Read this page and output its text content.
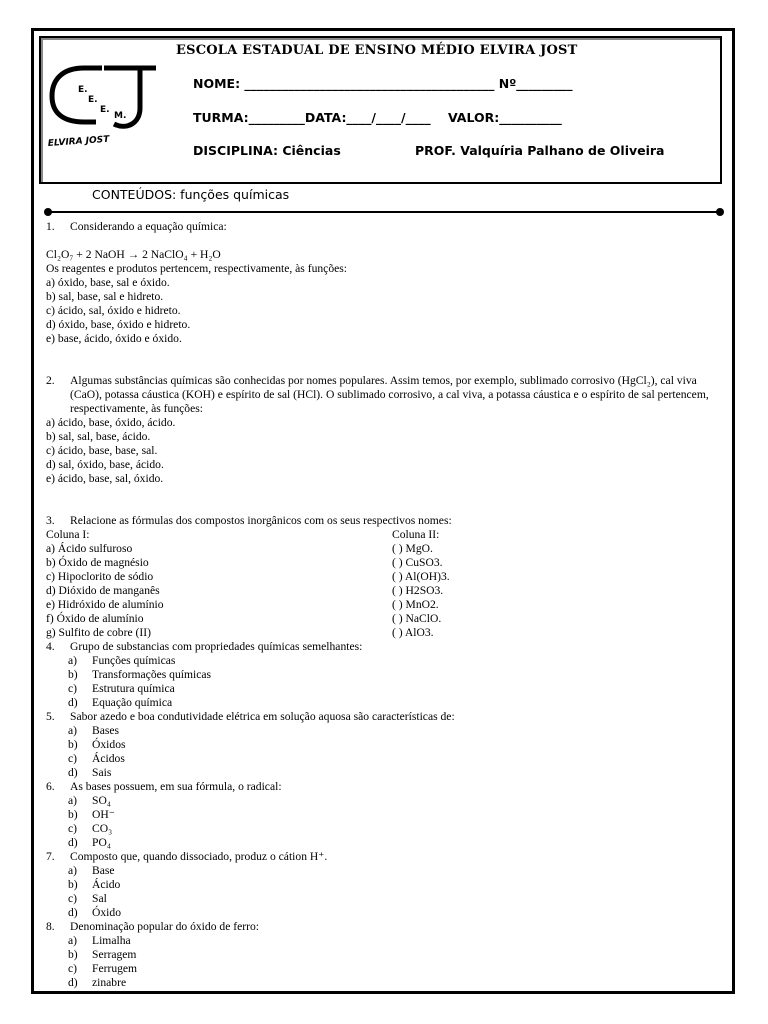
E.
E.
E.
M.
ELVIRA JOST
ESCOLA ESTADUAL DE ENSINO MÉDIO ELVIRA JOST
NOME: ________________________________________ Nº_________
TURMA:_________DATA:____/____/____    VALOR:__________
DISCIPLINA: Ciências	PROF. Valquíria Palhano de Oliveira
CONTEÚDOS: funções químicas

1. Considerando a equação química:

Cl₂O₇ + 2 NaOH → 2 NaClO₄ + H₂O

Os reagentes e produtos pertencem, respectivamente, às funções:

a) óxido, base, sal e óxido.

b) sal, base, sal e hidreto.

c) ácido, sal, óxido e hidreto.

d) óxido, base, óxido e hidreto.

e) base, ácido, óxido e óxido.

2. Algumas substâncias químicas são conhecidas por nomes populares. Assim temos, por exemplo, sublimado corrosivo (HgCl₂), cal viva (CaO), potassa cáustica (KOH) e espírito de sal (HCl). O sublimado corrosivo, a cal viva, a potassa cáustica e o espírito de sal pertencem, respectivamente, às funções:

a) ácido, base, óxido, ácido.

b) sal, sal, base, ácido.

c) ácido, base, base, sal.

d) sal, óxido, base, ácido.

e) ácido, base, sal, óxido.

3. Relacione as fórmulas dos compostos inorgânicos com os seus respectivos nomes:

Coluna I:	Coluna II:

a) Ácido sulfuroso	( ) MgO.

b) Óxido de magnésio	( ) CuSO3.

c) Hipoclorito de sódio	( ) Al(OH)3.

d) Dióxido de manganês	( ) H2SO3.

e) Hidróxido de alumínio	( ) MnO2.

f) Óxido de alumínio	( ) NaClO.

g) Sulfito de cobre (II)	( ) AlO3.

4. Grupo de substancias com propriedades químicas semelhantes:

a) Funções químicas

b) Transformações químicas

c) Estrutura química

d) Equação química

5. Sabor azedo e boa condutividade elétrica em solução aquosa são características de:

a) Bases

b) Óxidos

c) Ácidos

d) Sais

6. As bases possuem, em sua fórmula, o radical:

a) SO₄

b) OH⁻

c) CO₃

d) PO₄

7. Composto que, quando dissociado, produz o cátion H⁺.

a) Base

b) Ácido

c) Sal

d) Óxido

8. Denominação popular do óxido de ferro:

a) Limalha

b) Serragem

c) Ferrugem

d) zinabre
